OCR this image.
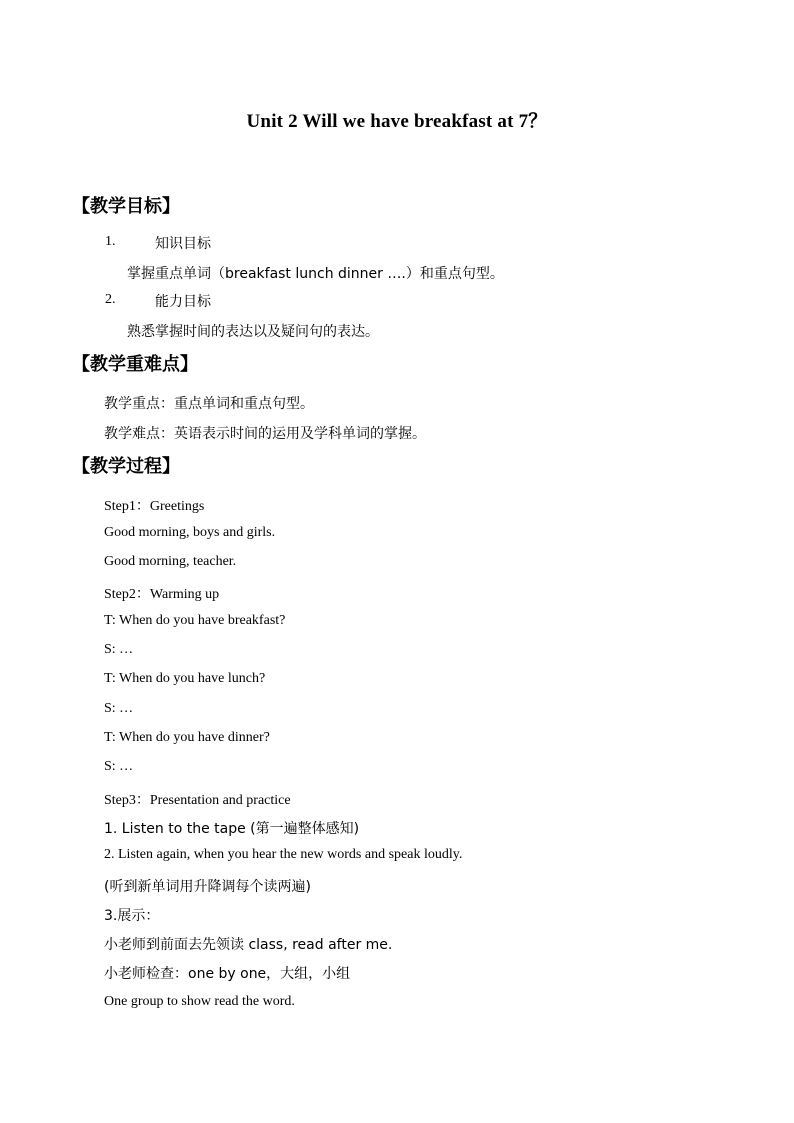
Unit 2 Will we have breakfast at 7？
【教学目标】
1.	知识目标
掌握重点单词（breakfast lunch dinner ….）和重点句型。
2.	能力目标
熟悉掌握时间的表达以及疑问句的表达。
【教学重难点】
教学重点：重点单词和重点句型。
教学难点：英语表示时间的运用及学科单词的掌握。
【教学过程】
Step1：Greetings
Good morning, boys and girls.
Good morning, teacher.
Step2：Warming up
T: When do you have breakfast?
S: …
T: When do you have lunch?
S: …
T: When do you have dinner?
S: …
Step3：Presentation and practice
1. Listen to the tape (第一遍整体感知)
2. Listen again, when you hear the new words and speak loudly.
(听到新单词用升降调每个读两遍)
3.展示：
小老师到前面去先领读 class, read after me.
小老师检查：one by one，大组，小组
One group to show read the word.
